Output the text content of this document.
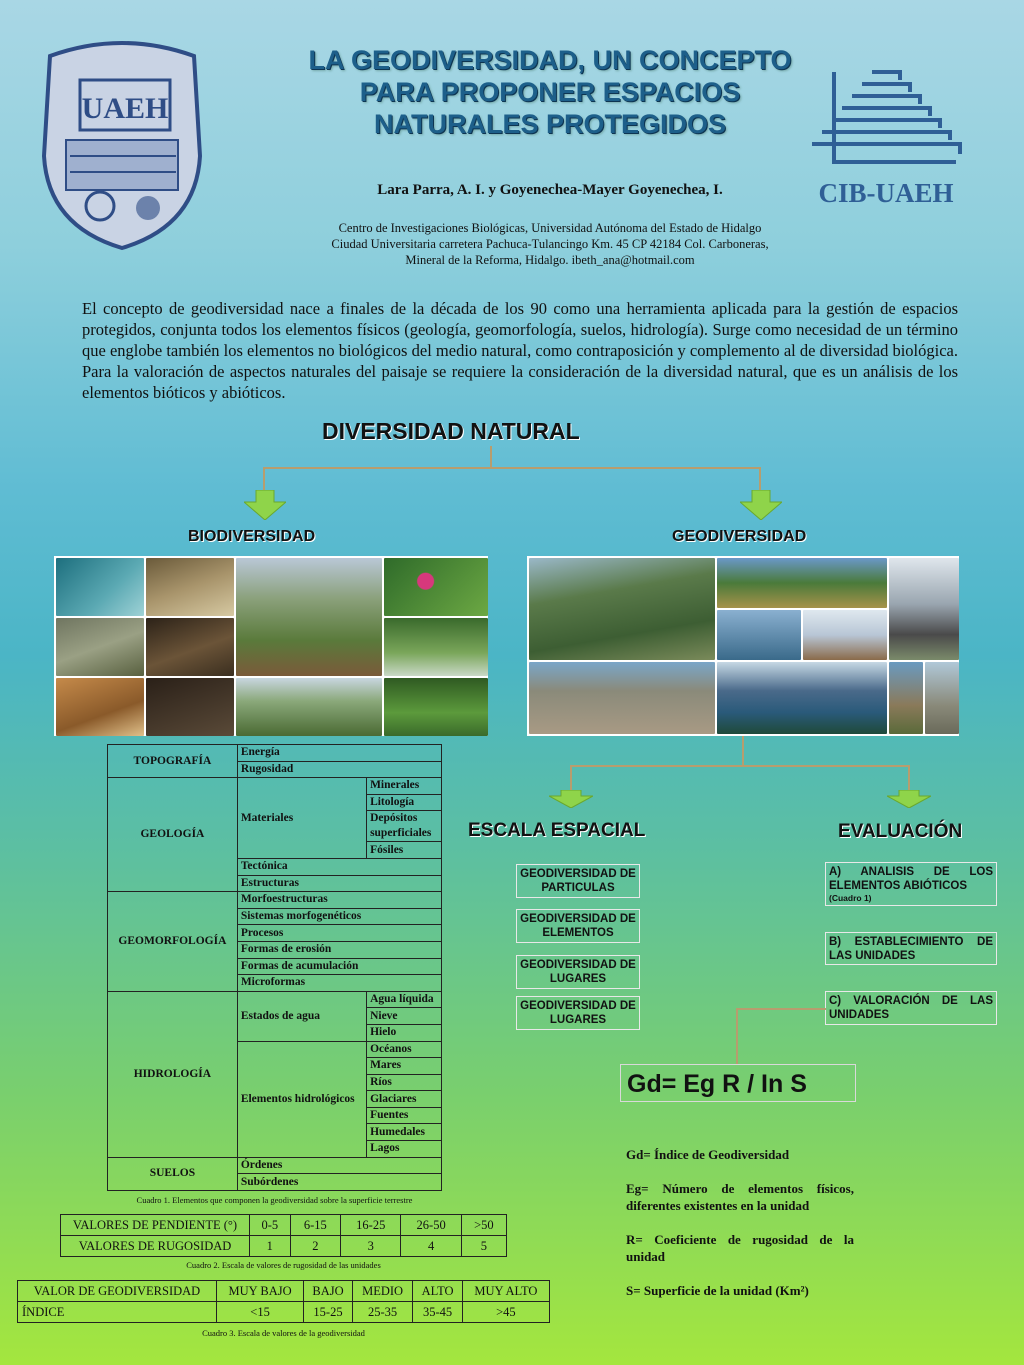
UAEH
CIB-UAEH
LA GEODIVERSIDAD, UN CONCEPTO
PARA PROPONER ESPACIOS
NATURALES PROTEGIDOS
Lara Parra, A. I. y Goyenechea-Mayer Goyenechea, I.
Centro de Investigaciones Biológicas, Universidad Autónoma del Estado de Hidalgo
Ciudad Universitaria carretera Pachuca-Tulancingo Km. 45 CP 42184 Col. Carboneras,
Mineral de la Reforma, Hidalgo. ibeth_ana@hotmail.com
El concepto de geodiversidad nace a finales de la década de los 90 como una herramienta aplicada para la gestión de espacios protegidos, conjunta todos los elementos físicos (geología, geomorfología, suelos, hidrología). Surge como necesidad de un término que englobe también los elementos no biológicos del medio natural, como contraposición y complemento al de diversidad biológica. Para la valoración de aspectos naturales del paisaje se requiere la consideración de la diversidad natural, que es un análisis de los elementos bióticos y abióticos.
DIVERSIDAD NATURAL
BIODIVERSIDAD	GEODIVERSIDAD
ESCALA ESPACIAL	EVALUACIÓN
GEODIVERSIDAD DE PARTICULAS
GEODIVERSIDAD DE ELEMENTOS
GEODIVERSIDAD DE LUGARES
GEODIVERSIDAD DE LUGARES
A) ANALISIS DE LOS ELEMENTOS ABIÓTICOS
(Cuadro 1)
B) ESTABLECIMIENTO DE LAS UNIDADES
C) VALORACIÓN DE LAS UNIDADES
Gd= Eg R / In S

Gd= Índice de Geodiversidad

Eg= Número de elementos físicos, diferentes existentes en la unidad

R= Coeficiente de rugosidad de la unidad

S= Superficie de la unidad (Km²)

TOPOGRAFÍA	Energía	
	Rugosidad	
GEOLOGÍA	Materiales	Minerales
		Litología
		Depósitos superficiales

		Fósiles
	Tectónica	
	Estructuras	
GEOMORFOLOGÍA	Morfoestructuras	
	Sistemas morfogenéticos	
	Procesos	
	Formas de erosión	
	Formas de acumulación	
	Microformas	
HIDROLOGÍA	Estados de agua	Agua líquida
		Nieve
		Hielo
	Elementos hidrológicos	Océanos
		Mares
		Ríos
		Glaciares
		Fuentes
		Humedales
		Lagos
SUELOS	Órdenes	
	Subórdenes	
Cuadro 1. Elementos que componen la geodiversidad sobre la superficie terrestre
VALORES DE PENDIENTE (°)	0-5	6-15	16-25	26-50	>50
VALORES DE RUGOSIDAD	1	2	3	4	5
Cuadro 2. Escala de valores de rugosidad de las unidades
VALOR DE GEODIVERSIDAD	MUY BAJO	BAJO	MEDIO	ALTO	MUY ALTO
ÍNDICE	<15	15-25	25-35	35-45	>45
Cuadro 3. Escala de valores de la geodiversidad
